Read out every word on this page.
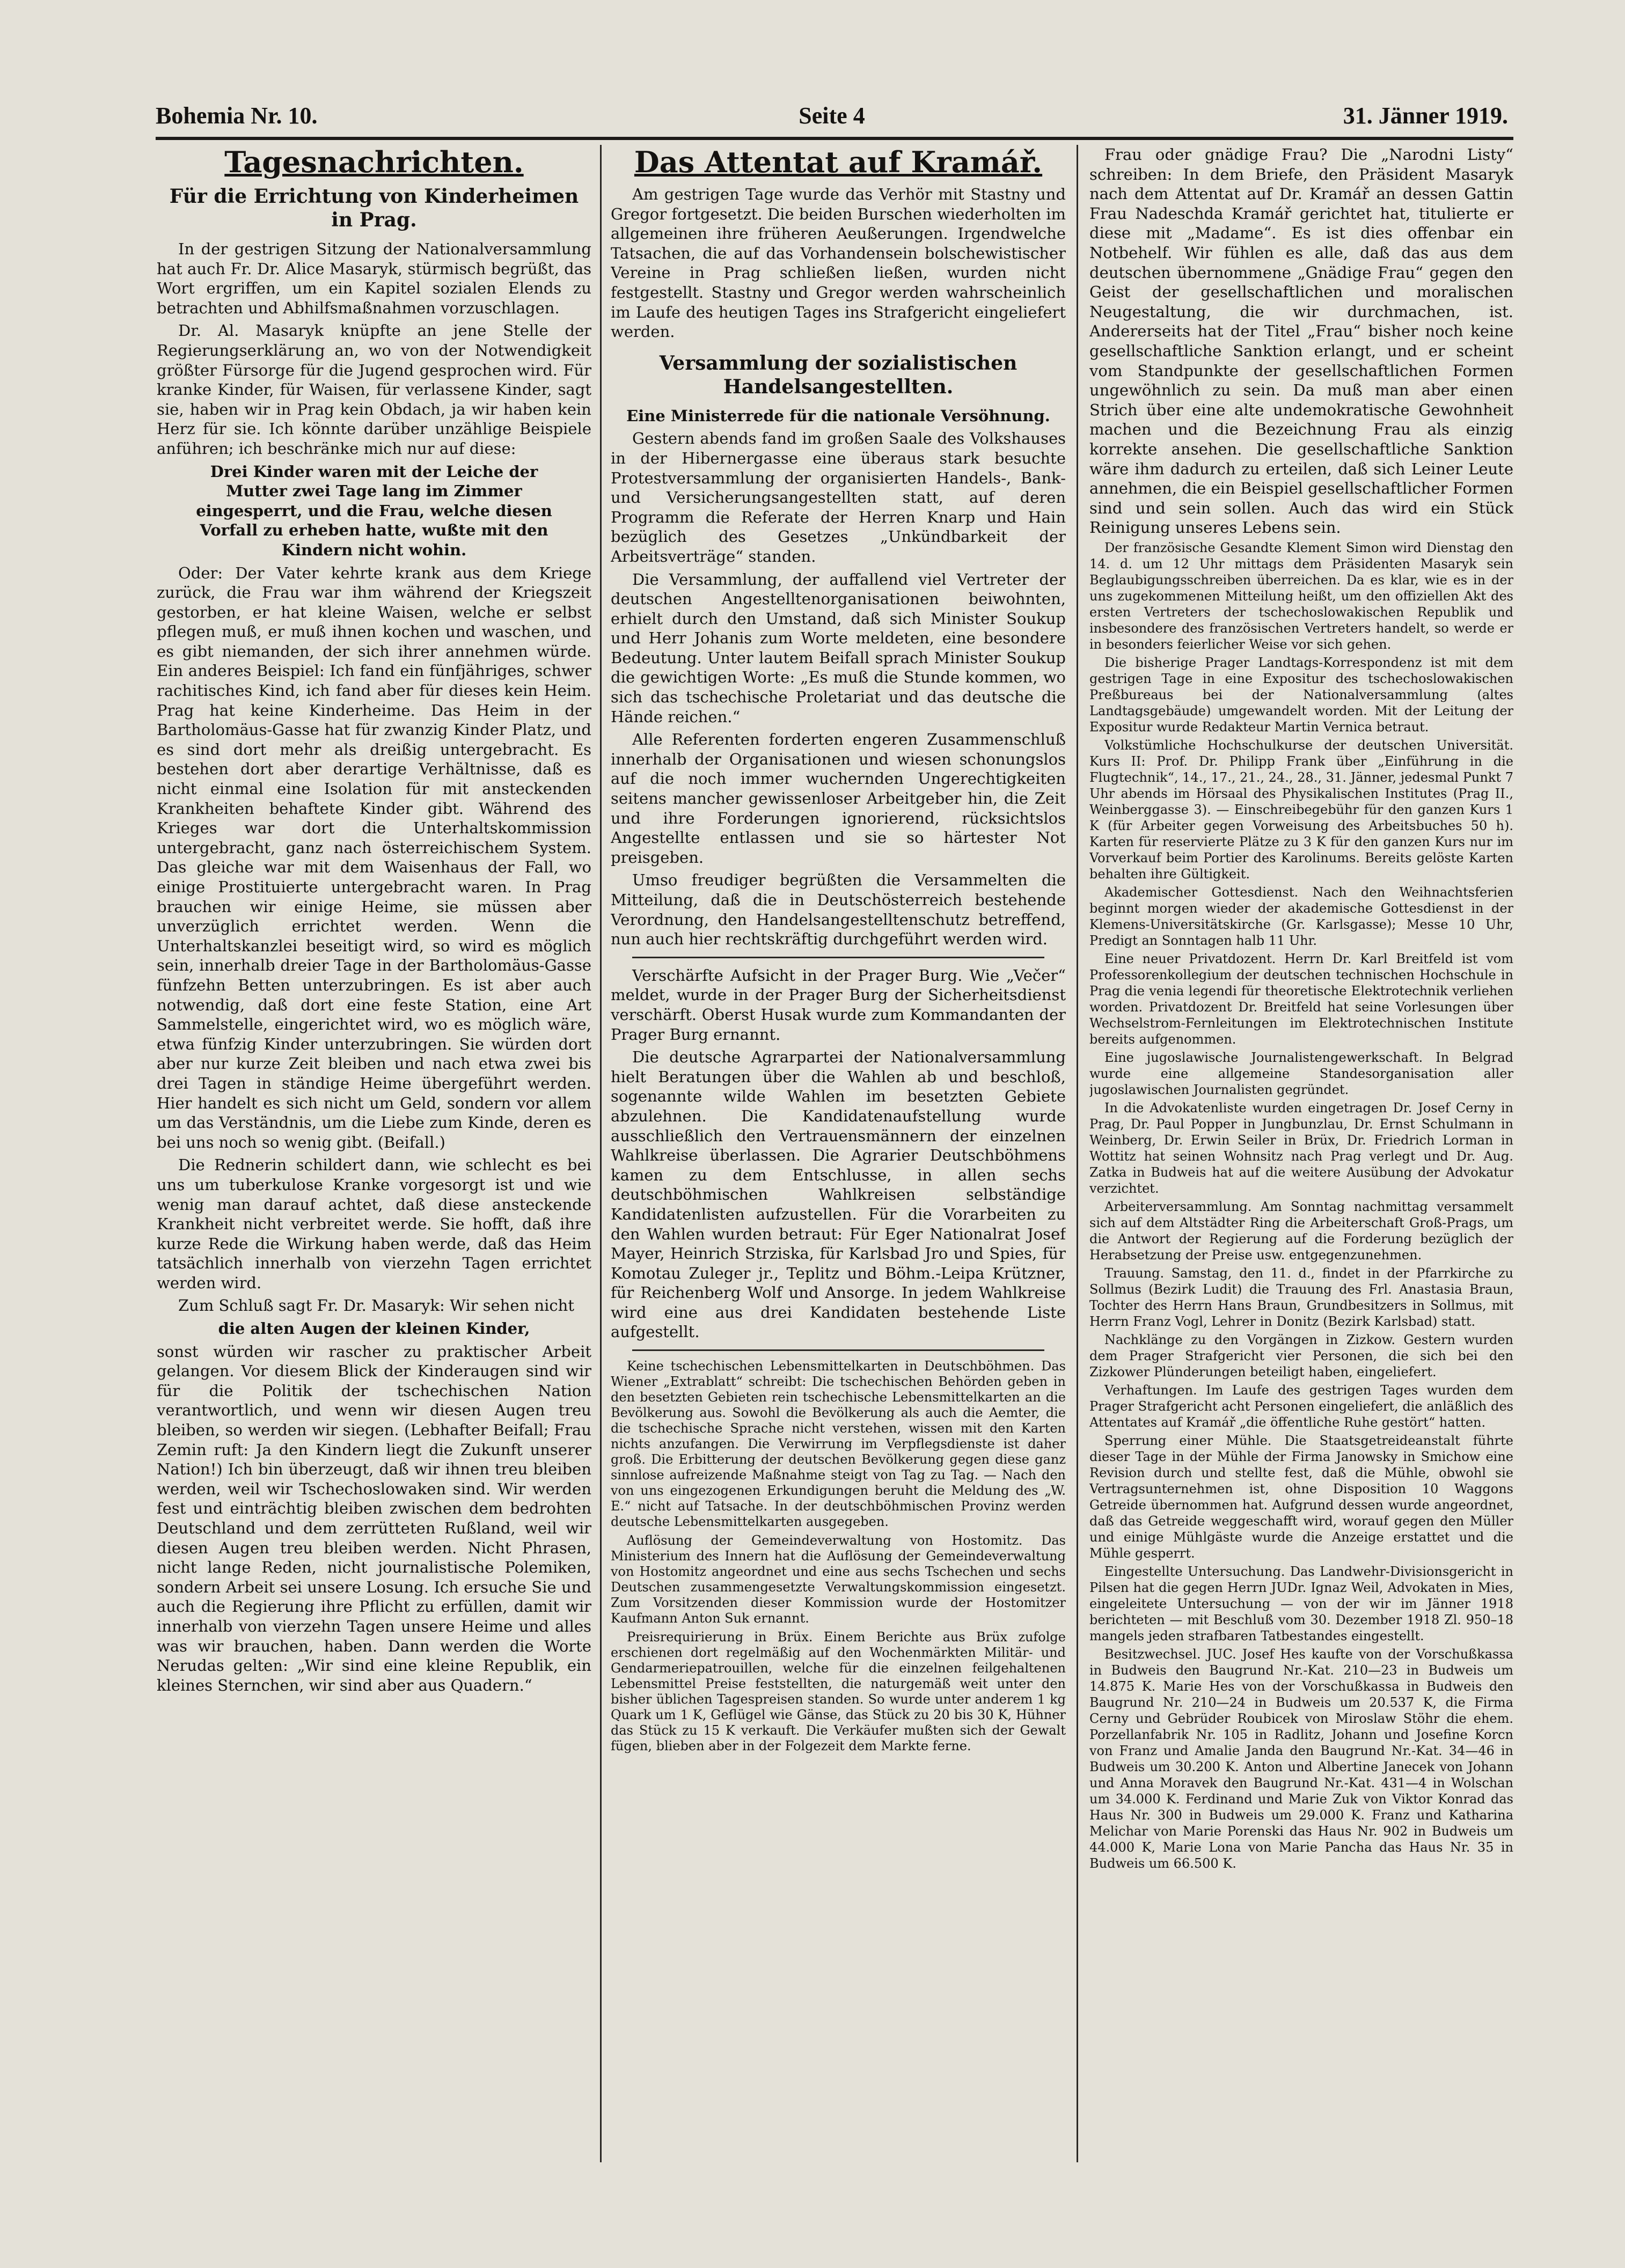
Bohemia Nr. 10.	Seite 4	31. Jänner 1919.
Tagesnachrichten.
Für die Errichtung von Kinderheimen in Prag.

In der gestrigen Sitzung der Nationalversammlung hat auch Fr. Dr. Alice Masaryk, stürmisch begrüßt, das Wort ergriffen, um ein Kapitel sozialen Elends zu betrachten und Abhilfsmaßnahmen vorzuschlagen.

Dr. Al. Masaryk knüpfte an jene Stelle der Regierungserklärung an, wo von der Notwendigkeit größter Fürsorge für die Jugend gesprochen wird. Für kranke Kinder, für Waisen, für verlassene Kinder, sagt sie, haben wir in Prag kein Obdach, ja wir haben kein Herz für sie. Ich könnte darüber unzählige Beispiele anführen; ich beschränke mich nur auf diese:

Drei Kinder waren mit der Leiche der Mutter zwei Tage lang im Zimmer eingesperrt, und die Frau, welche diesen Vorfall zu erheben hatte, wußte mit den Kindern nicht wohin.

Oder: Der Vater kehrte krank aus dem Kriege zurück, die Frau war ihm während der Kriegszeit gestorben, er hat kleine Waisen, welche er selbst pflegen muß, er muß ihnen kochen und waschen, und es gibt niemanden, der sich ihrer annehmen würde. Ein anderes Beispiel: Ich fand ein fünfjähriges, schwer rachitisches Kind, ich fand aber für dieses kein Heim. Prag hat keine Kinderheime. Das Heim in der Bartholomäus-Gasse hat für zwanzig Kinder Platz, und es sind dort mehr als dreißig untergebracht. Es bestehen dort aber derartige Verhältnisse, daß es nicht einmal eine Isolation für mit ansteckenden Krankheiten behaftete Kinder gibt. Während des Krieges war dort die Unterhaltskommission untergebracht, ganz nach österreichischem System. Das gleiche war mit dem Waisenhaus der Fall, wo einige Prostituierte untergebracht waren. In Prag brauchen wir einige Heime, sie müssen aber unverzüglich errichtet werden. Wenn die Unterhaltskanzlei beseitigt wird, so wird es möglich sein, innerhalb dreier Tage in der Bartholomäus-Gasse fünfzehn Betten unterzubringen. Es ist aber auch notwendig, daß dort eine feste Station, eine Art Sammelstelle, eingerichtet wird, wo es möglich wäre, etwa fünfzig Kinder unterzubringen. Sie würden dort aber nur kurze Zeit bleiben und nach etwa zwei bis drei Tagen in ständige Heime übergeführt werden. Hier handelt es sich nicht um Geld, sondern vor allem um das Verständnis, um die Liebe zum Kinde, deren es bei uns noch so wenig gibt. (Beifall.)

Die Rednerin schildert dann, wie schlecht es bei uns um tuberkulose Kranke vorgesorgt ist und wie wenig man darauf achtet, daß diese ansteckende Krankheit nicht verbreitet werde. Sie hofft, daß ihre kurze Rede die Wirkung haben werde, daß das Heim tatsächlich innerhalb von vierzehn Tagen errichtet werden wird.

Zum Schluß sagt Fr. Dr. Masaryk: Wir sehen nicht

die alten Augen der kleinen Kinder,

sonst würden wir rascher zu praktischer Arbeit gelangen. Vor diesem Blick der Kinderaugen sind wir für die Politik der tschechischen Nation verantwortlich, und wenn wir diesen Augen treu bleiben, so werden wir siegen. (Lebhafter Beifall; Frau Zemin ruft: Ja den Kindern liegt die Zukunft unserer Nation!) Ich bin überzeugt, daß wir ihnen treu bleiben werden, weil wir Tschechoslowaken sind. Wir werden fest und einträchtig bleiben zwischen dem bedrohten Deutschland und dem zerrütteten Rußland, weil wir diesen Augen treu bleiben werden. Nicht Phrasen, nicht lange Reden, nicht journalistische Polemiken, sondern Arbeit sei unsere Losung. Ich ersuche Sie und auch die Regierung ihre Pflicht zu erfüllen, damit wir innerhalb von vierzehn Tagen unsere Heime und alles was wir brauchen, haben. Dann werden die Worte Nerudas gelten: „Wir sind eine kleine Republik, ein kleines Sternchen, wir sind aber aus Quadern.“

Das Attentat auf Kramář.

Am gestrigen Tage wurde das Verhör mit Stastny und Gregor fortgesetzt. Die beiden Burschen wiederholten im allgemeinen ihre früheren Aeußerungen. Irgendwelche Tatsachen, die auf das Vorhandensein bolschewistischer Vereine in Prag schließen ließen, wurden nicht festgestellt. Stastny und Gregor werden wahrscheinlich im Laufe des heutigen Tages ins Strafgericht eingeliefert werden.

Versammlung der sozialistischen Handelsangestellten.

Eine Ministerrede für die nationale Versöhnung.

Gestern abends fand im großen Saale des Volkshauses in der Hibernergasse eine überaus stark besuchte Protestversammlung der organisierten Handels-, Bank- und Versicherungsangestellten statt, auf deren Programm die Referate der Herren Knarp und Hain bezüglich des Gesetzes „Unkündbarkeit der Arbeitsverträge“ standen.

Die Versammlung, der auffallend viel Vertreter der deutschen Angestelltenorganisationen beiwohnten, erhielt durch den Umstand, daß sich Minister Soukup und Herr Johanis zum Worte meldeten, eine besondere Bedeutung. Unter lautem Beifall sprach Minister Soukup die gewichtigen Worte: „Es muß die Stunde kommen, wo sich das tschechische Proletariat und das deutsche die Hände reichen.“

Alle Referenten forderten engeren Zusammenschluß innerhalb der Organisationen und wiesen schonungslos auf die noch immer wuchernden Ungerechtigkeiten seitens mancher gewissenloser Arbeitgeber hin, die Zeit und ihre Forderungen ignorierend, rücksichtslos Angestellte entlassen und sie so härtester Not preisgeben.

Umso freudiger begrüßten die Versammelten die Mitteilung, daß die in Deutschösterreich bestehende Verordnung, den Handelsangestelltenschutz betreffend, nun auch hier rechtskräftig durchgeführt werden wird.

Verschärfte Aufsicht in der Prager Burg. Wie „Večer“ meldet, wurde in der Prager Burg der Sicherheitsdienst verschärft. Oberst Husak wurde zum Kommandanten der Prager Burg ernannt.

Die deutsche Agrarpartei der Nationalversammlung hielt Beratungen über die Wahlen ab und beschloß, sogenannte wilde Wahlen im besetzten Gebiete abzulehnen. Die Kandidatenaufstellung wurde ausschließlich den Vertrauensmännern der einzelnen Wahlkreise überlassen. Die Agrarier Deutschböhmens kamen zu dem Entschlusse, in allen sechs deutschböhmischen Wahlkreisen selbständige Kandidatenlisten aufzustellen. Für die Vorarbeiten zu den Wahlen wurden betraut: Für Eger Nationalrat Josef Mayer, Heinrich Strziska, für Karlsbad Jro und Spies, für Komotau Zuleger jr., Teplitz und Böhm.-Leipa Krützner, für Reichenberg Wolf und Ansorge. In jedem Wahlkreise wird eine aus drei Kandidaten bestehende Liste aufgestellt.

Keine tschechischen Lebensmittelkarten in Deutschböhmen. Das Wiener „Extrablatt“ schreibt: Die tschechischen Behörden geben in den besetzten Gebieten rein tschechische Lebensmittelkarten an die Bevölkerung aus. Sowohl die Bevölkerung als auch die Aemter, die die tschechische Sprache nicht verstehen, wissen mit den Karten nichts anzufangen. Die Verwirrung im Verpflegsdienste ist daher groß. Die Erbitterung der deutschen Bevölkerung gegen diese ganz sinnlose aufreizende Maßnahme steigt von Tag zu Tag. — Nach den von uns eingezogenen Erkundigungen beruht die Meldung des „W. E.“ nicht auf Tatsache. In der deutschböhmischen Provinz werden deutsche Lebensmittelkarten ausgegeben.

Auflösung der Gemeindeverwaltung von Hostomitz. Das Ministerium des Innern hat die Auflösung der Gemeindeverwaltung von Hostomitz angeordnet und eine aus sechs Tschechen und sechs Deutschen zusammengesetzte Verwaltungskommission eingesetzt. Zum Vorsitzenden dieser Kommission wurde der Hostomitzer Kaufmann Anton Suk ernannt.

Preisrequirierung in Brüx. Einem Berichte aus Brüx zufolge erschienen dort regelmäßig auf den Wochenmärkten Militär- und Gendarmeriepatrouillen, welche für die einzelnen feilgehaltenen Lebensmittel Preise feststellten, die naturgemäß weit unter den bisher üblichen Tagespreisen standen. So wurde unter anderem 1 kg Quark um 1 K, Geflügel wie Gänse, das Stück zu 20 bis 30 K, Hühner das Stück zu 15 K verkauft. Die Verkäufer mußten sich der Gewalt fügen, blieben aber in der Folgezeit dem Markte ferne.

Frau oder gnädige Frau? Die „Narodni Listy“ schreiben: In dem Briefe, den Präsident Masaryk nach dem Attentat auf Dr. Kramář an dessen Gattin Frau Nadeschda Kramář gerichtet hat, titulierte er diese mit „Madame“. Es ist dies offenbar ein Notbehelf. Wir fühlen es alle, daß das aus dem deutschen übernommene „Gnädige Frau“ gegen den Geist der gesellschaftlichen und moralischen Neugestaltung, die wir durchmachen, ist. Andererseits hat der Titel „Frau“ bisher noch keine gesellschaftliche Sanktion erlangt, und er scheint vom Standpunkte der gesellschaftlichen Formen ungewöhnlich zu sein. Da muß man aber einen Strich über eine alte undemokratische Gewohnheit machen und die Bezeichnung Frau als einzig korrekte ansehen. Die gesellschaftliche Sanktion wäre ihm dadurch zu erteilen, daß sich Leiner Leute annehmen, die ein Beispiel gesellschaftlicher Formen sind und sein sollen. Auch das wird ein Stück Reinigung unseres Lebens sein.

Der französische Gesandte Klement Simon wird Dienstag den 14. d. um 12 Uhr mittags dem Präsidenten Masaryk sein Beglaubigungsschreiben überreichen. Da es klar, wie es in der uns zugekommenen Mitteilung heißt, um den offiziellen Akt des ersten Vertreters der tschechoslowakischen Republik und insbesondere des französischen Vertreters handelt, so werde er in besonders feierlicher Weise vor sich gehen.

Die bisherige Prager Landtags-Korrespondenz ist mit dem gestrigen Tage in eine Expositur des tschechoslowakischen Preßbureaus bei der Nationalversammlung (altes Landtagsgebäude) umgewandelt worden. Mit der Leitung der Expositur wurde Redakteur Martin Vernica betraut.

Volkstümliche Hochschulkurse der deutschen Universität. Kurs II: Prof. Dr. Philipp Frank über „Einführung in die Flugtechnik“, 14., 17., 21., 24., 28., 31. Jänner, jedesmal Punkt 7 Uhr abends im Hörsaal des Physikalischen Institutes (Prag II., Weinberggasse 3). — Einschreibegebühr für den ganzen Kurs 1 K (für Arbeiter gegen Vorweisung des Arbeitsbuches 50 h). Karten für reservierte Plätze zu 3 K für den ganzen Kurs nur im Vorverkauf beim Portier des Karolinums. Bereits gelöste Karten behalten ihre Gültigkeit.

Akademischer Gottesdienst. Nach den Weihnachtsferien beginnt morgen wieder der akademische Gottesdienst in der Klemens-Universitätskirche (Gr. Karlsgasse); Messe 10 Uhr, Predigt an Sonntagen halb 11 Uhr.

Eine neuer Privatdozent. Herrn Dr. Karl Breitfeld ist vom Professorenkollegium der deutschen technischen Hochschule in Prag die venia legendi für theoretische Elektrotechnik verliehen worden. Privatdozent Dr. Breitfeld hat seine Vorlesungen über Wechselstrom-Fernleitungen im Elektrotechnischen Institute bereits aufgenommen.

Eine jugoslawische Journalistengewerkschaft. In Belgrad wurde eine allgemeine Standesorganisation aller jugoslawischen Journalisten gegründet.

In die Advokatenliste wurden eingetragen Dr. Josef Cerny in Prag, Dr. Paul Popper in Jungbunzlau, Dr. Ernst Schulmann in Weinberg, Dr. Erwin Seiler in Brüx, Dr. Friedrich Lorman in Wottitz hat seinen Wohnsitz nach Prag verlegt und Dr. Aug. Zatka in Budweis hat auf die weitere Ausübung der Advokatur verzichtet.

Arbeiterversammlung. Am Sonntag nachmittag versammelt sich auf dem Altstädter Ring die Arbeiterschaft Groß-Prags, um die Antwort der Regierung auf die Forderung bezüglich der Herabsetzung der Preise usw. entgegenzunehmen.

Trauung. Samstag, den 11. d., findet in der Pfarrkirche zu Sollmus (Bezirk Ludit) die Trauung des Frl. Anastasia Braun, Tochter des Herrn Hans Braun, Grundbesitzers in Sollmus, mit Herrn Franz Vogl, Lehrer in Donitz (Bezirk Karlsbad) statt.

Nachklänge zu den Vorgängen in Zizkow. Gestern wurden dem Prager Strafgericht vier Personen, die sich bei den Zizkower Plünderungen beteiligt haben, eingeliefert.

Verhaftungen. Im Laufe des gestrigen Tages wurden dem Prager Strafgericht acht Personen eingeliefert, die anläßlich des Attentates auf Kramář „die öffentliche Ruhe gestört“ hatten.

Sperrung einer Mühle. Die Staatsgetreideanstalt führte dieser Tage in der Mühle der Firma Janowsky in Smichow eine Revision durch und stellte fest, daß die Mühle, obwohl sie Vertragsunternehmen ist, ohne Disposition 10 Waggons Getreide übernommen hat. Aufgrund dessen wurde angeordnet, daß das Getreide weggeschafft wird, worauf gegen den Müller und einige Mühlgäste wurde die Anzeige erstattet und die Mühle gesperrt.

Eingestellte Untersuchung. Das Landwehr-Divisionsgericht in Pilsen hat die gegen Herrn JUDr. Ignaz Weil, Advokaten in Mies, eingeleitete Untersuchung — von der wir im Jänner 1918 berichteten — mit Beschluß vom 30. Dezember 1918 Zl. 950–18 mangels jeden strafbaren Tatbestandes eingestellt.

Besitzwechsel. JUC. Josef Hes kaufte von der Vorschußkassa in Budweis den Baugrund Nr.-Kat. 210—23 in Budweis um 14.875 K. Marie Hes von der Vorschußkassa in Budweis den Baugrund Nr. 210—24 in Budweis um 20.537 K, die Firma Cerny und Gebrüder Roubicek von Miroslaw Stöhr die ehem. Porzellanfabrik Nr. 105 in Radlitz, Johann und Josefine Korcn von Franz und Amalie Janda den Baugrund Nr.-Kat. 34—46 in Budweis um 30.200 K. Anton und Albertine Janecek von Johann und Anna Moravek den Baugrund Nr.-Kat. 431—4 in Wolschan um 34.000 K. Ferdinand und Marie Zuk von Viktor Konrad das Haus Nr. 300 in Budweis um 29.000 K. Franz und Katharina Melichar von Marie Porenski das Haus Nr. 902 in Budweis um 44.000 K, Marie Lona von Marie Pancha das Haus Nr. 35 in Budweis um 66.500 K.
